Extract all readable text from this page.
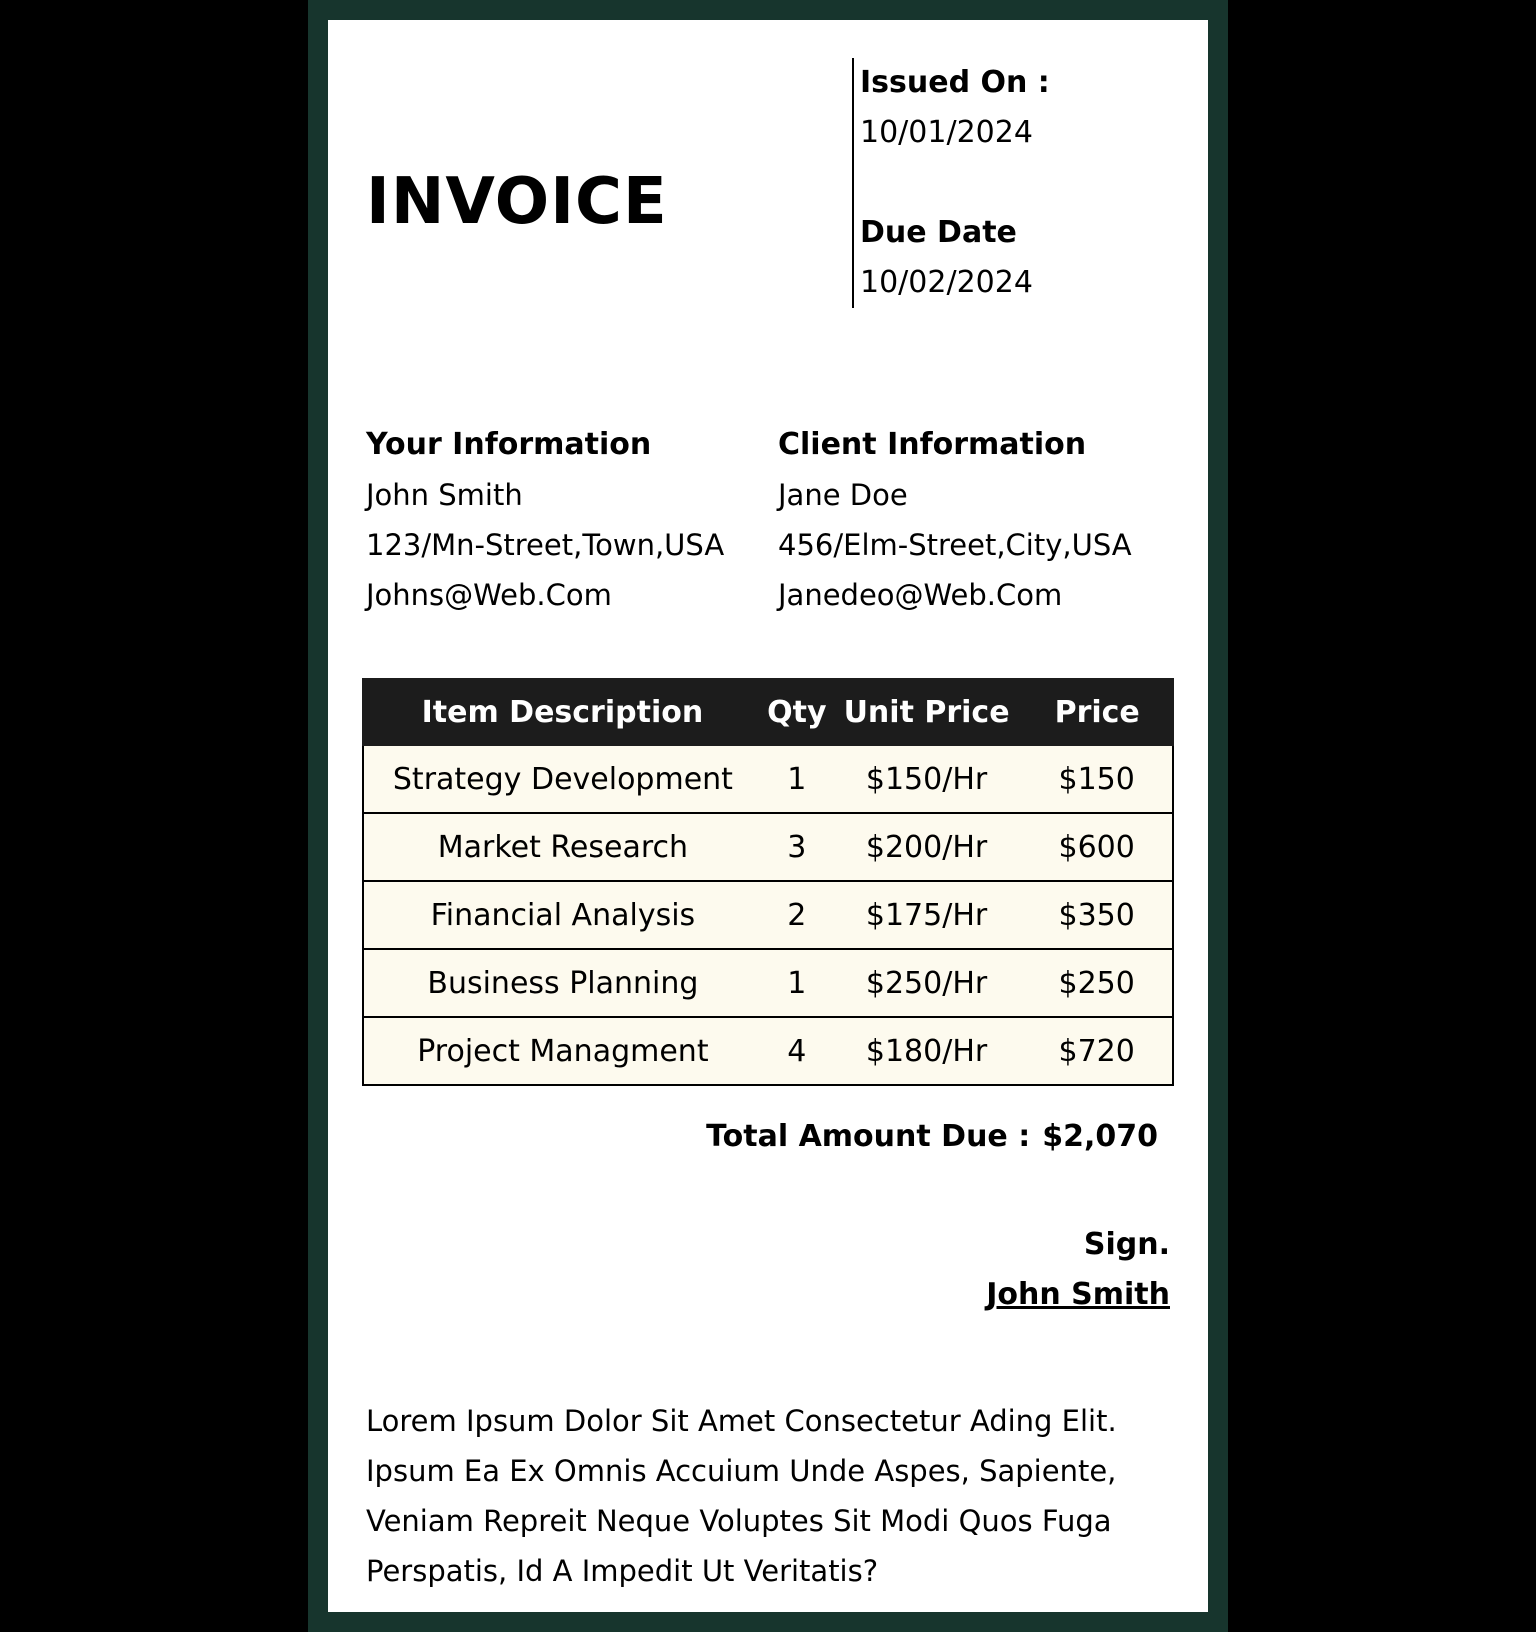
INVOICE
Issued On :
10/01/2024
Due Date
10/02/2024
Your Information
John Smith
123/Mn-Street,Town,USA
Johns@Web.Com
Client Information
Jane Doe
456/Elm-Street,City,USA
Janedeo@Web.Com
Item Description	Qty	Unit Price	Price
Strategy Development	1	$150/Hr	$150
Market Research	3	$200/Hr	$600
Financial Analysis	2	$175/Hr	$350
Business Planning	1	$250/Hr	$250
Project Managment	4	$180/Hr	$720
Total Amount Due : $2,070
Sign.
John Smith
Lorem Ipsum Dolor Sit Amet Consectetur Ading Elit. Ipsum Ea Ex Omnis Accuium Unde Aspes, Sapiente, Veniam Repreit Neque Voluptes Sit Modi Quos Fuga Perspatis, Id A Impedit Ut Veritatis?
